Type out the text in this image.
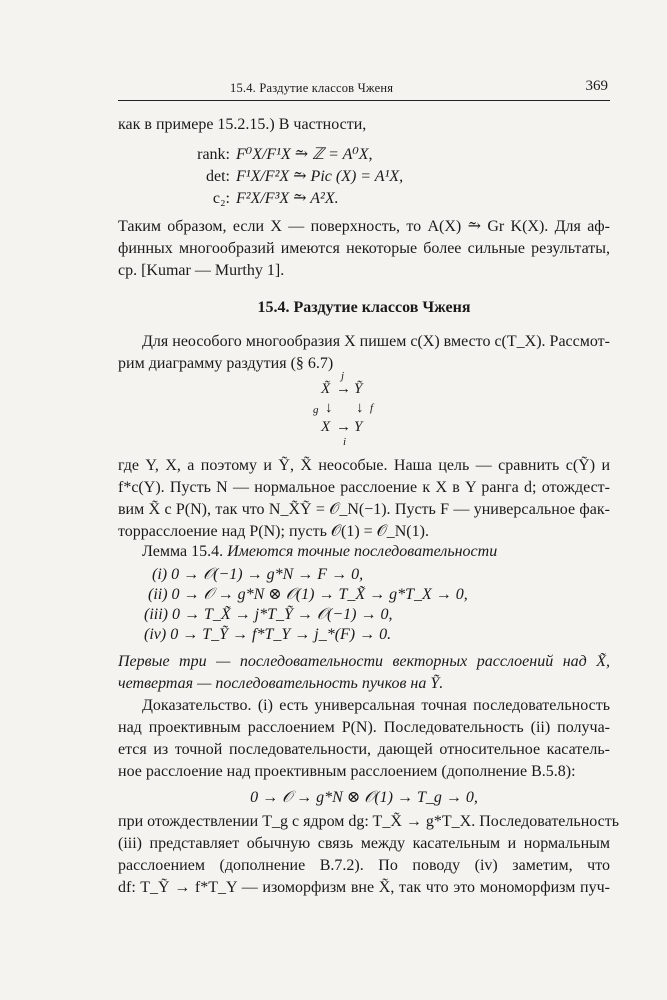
15.4. Раздутие классов Чженя	369
как в примере 15.2.15.) В частности,
rank: F⁰X/F¹X ⥲ ℤ = A⁰X,
det: F¹X/F²X ⥲ Pic (X) = A¹X,
c₂: F²X/F³X ⥲ A²X.
Таким образом, если X — поверхность, то A(X) ⥲ Gr K(X). Для аф-
финных многообразий имеются некоторые более сильные результаты,
ср. [Kumar — Murthy 1].
15.4. Раздутие классов Чженя
Для неособого многообразия X пишем c(X) вместо c(T_X). Рассмот-
рим диаграмму раздутия (§ 6.7)
j
X̃ → Ỹ
g ↓ ↓ f
X → Y
i
где Y, X, а поэтому и Ỹ, X̃ неособые. Наша цель — сравнить c(Ỹ) и
f*c(Y). Пусть N — нормальное расслоение к X в Y ранга d; отождест-
вим X̃ с P(N), так что N_X̃Ỹ = 𝒪_N(−1). Пусть F — универсальное фак-
торрасслоение над P(N); пусть 𝒪(1) = 𝒪_N(1).
Лемма 15.4. Имеются точные последовательности
(i) 0 → 𝒪(−1) → g*N → F → 0,
(ii) 0 → 𝒪 → g*N ⊗ 𝒪(1) → T_X̃ → g*T_X → 0,
(iii) 0 → T_X̃ → j*T_Ỹ → 𝒪(−1) → 0,
(iv) 0 → T_Ỹ → f*T_Y → j_*(F) → 0.
Первые три — последовательности векторных расслоений над X̃,
четвертая — последовательность пучков на Ỹ.
Доказательство. (i) есть универсальная точная последовательность
над проективным расслоением P(N). Последовательность (ii) получа-
ется из точной последовательности, дающей относительное касатель-
ное расслоение над проективным расслоением (дополнение B.5.8):
0 → 𝒪 → g*N ⊗ 𝒪(1) → T_g → 0,
при отождествлении T_g с ядром dg: T_X̃ → g*T_X. Последовательность
(iii) представляет обычную связь между касательным и нормальным
расслоением (дополнение B.7.2). По поводу (iv) заметим, что
df: T_Ỹ → f*T_Y — изоморфизм вне X̃, так что это мономорфизм пуч-
